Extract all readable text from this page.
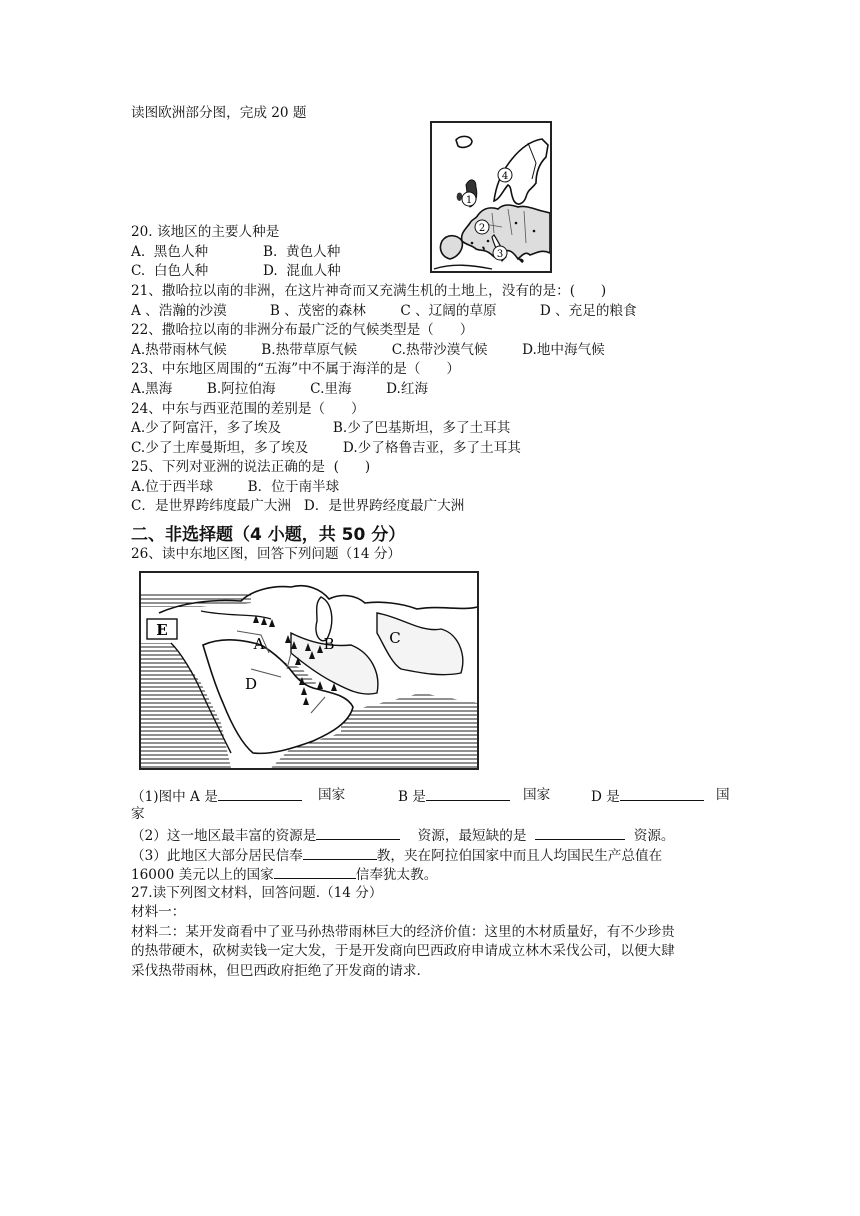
读图欧洲部分图，完成 20 题
1
2
3
4
20. 该地区的主要人种是
A.  黑色人种	B.  黄色人种
C.  白色人种	D.  混血人种
21、撒哈拉以南的非洲，在这片神奇而又充满生机的土地上，没有的是：(      )
A 、浩瀚的沙漠          B 、茂密的森林        C 、辽阔的草原          D 、充足的粮食
22、撒哈拉以南的非洲分布最广泛的气候类型是（      ）
A.热带雨林气候        B.热带草原气候        C.热带沙漠气候        D.地中海气候
23、中东地区周围的“五海”中不属于海洋的是（      ）
A.黑海        B.阿拉伯海        C.里海        D.红海
24、中东与西亚范围的差别是（      ）
A.少了阿富汗，多了埃及            B.少了巴基斯坦，多了土耳其
C.少了土库曼斯坦，多了埃及        D.少了格鲁吉亚，多了土耳其
25、下列对亚洲的说法正确的是  (      )
A.位于西半球        B．位于南半球
C．是世界跨纬度最广大洲   D．是世界跨经度最广大洲
二、非选择题（4 小题，共 50 分）
26、读中东地区图，回答下列问题（14 分）
E
A	B	C
D
（1)图中 A 是	国家	B 是	国家	D 是	国
家
（2）这一地区最丰富的资源是	资源，最短缺的是	资源。
（3）此地区大部分居民信奉	教，夹在阿拉伯国家中而且人均国民生产总值在
16000 美元以上的国家	信奉犹太教。
27.读下列图文材料，回答问题.（14 分）
材料一：
材料二：某开发商看中了亚马孙热带雨林巨大的经济价值：这里的木材质量好，有不少珍贵
的热带硬木，砍树卖钱一定大发，于是开发商向巴西政府申请成立林木采伐公司，以便大肆
采伐热带雨林，但巴西政府拒绝了开发商的请求.
